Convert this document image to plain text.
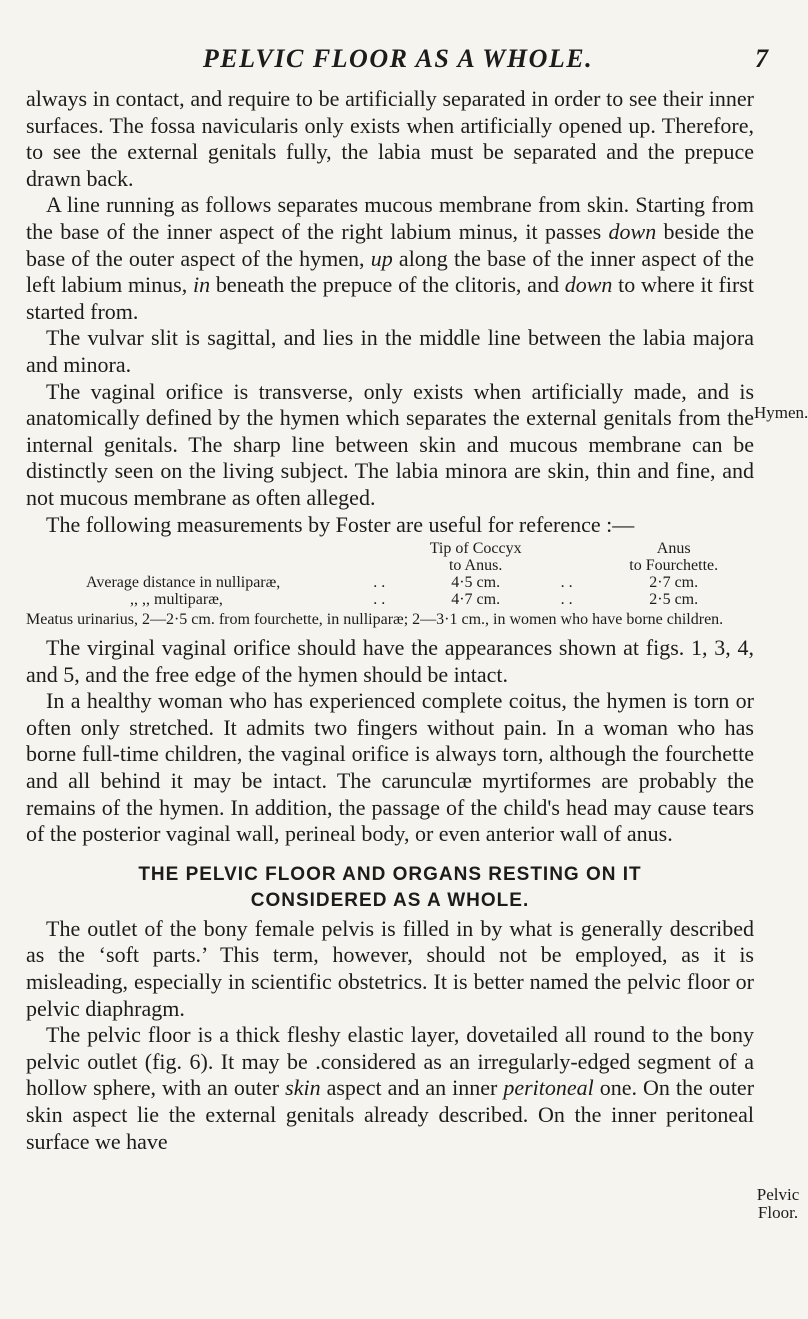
PELVIC FLOOR AS A WHOLE.	7

always in contact, and require to be artificially separated in order to see their inner surfaces. The fossa navicularis only exists when artificially opened up. Therefore, to see the external genitals fully, the labia must be separated and the prepuce drawn back.

A line running as follows separates mucous membrane from skin. Starting from the base of the inner aspect of the right labium minus, it passes down beside the base of the outer aspect of the hymen, up along the base of the inner aspect of the left labium minus, in beneath the prepuce of the clitoris, and down to where it first started from.

The vulvar slit is sagittal, and lies in the middle line between the labia majora and minora.

The vaginal orifice is transverse, only exists when artificially made, and is anatomically defined by the hymen which separates the external genitals from the internal genitals. The sharp line between skin and mucous membrane can be distinctly seen on the living subject. The labia minora are skin, thin and fine, and not mucous membrane as often alleged.

The following measurements by Foster are useful for reference :—

		Tip of Coccyx		Anus
		to Anus.		to Fourchette.
Average distance in nulliparæ,	. .	4·5 cm.	. .	2·7 cm.
,, ,, multiparæ,	. .	4·7 cm.	. .	2·5 cm.

Meatus urinarius, 2—2·5 cm. from fourchette, in nulliparæ; 2—3·1 cm., in women who have borne children.

The virginal vaginal orifice should have the appearances shown at figs. 1, 3, 4, and 5, and the free edge of the hymen should be intact.

In a healthy woman who has experienced complete coitus, the hymen is torn or often only stretched. It admits two fingers without pain. In a woman who has borne full-time children, the vaginal orifice is always torn, although the fourchette and all behind it may be intact. The carunculæ myrtiformes are probably the remains of the hymen. In addition, the passage of the child's head may cause tears of the posterior vaginal wall, perineal body, or even anterior wall of anus.

THE PELVIC FLOOR AND ORGANS RESTING ON IT
CONSIDERED AS A WHOLE.

The outlet of the bony female pelvis is filled in by what is generally described as the ‘soft parts.’ This term, however, should not be employed, as it is misleading, especially in scientific obstetrics. It is better named the pelvic floor or pelvic diaphragm.

The pelvic floor is a thick fleshy elastic layer, dovetailed all round to the bony pelvic outlet (fig. 6). It may be .considered as an irregularly-edged segment of a hollow sphere, with an outer skin aspect and an inner peritoneal one. On the outer skin aspect lie the external genitals already described. On the inner peritoneal surface we have

Hymen.
Pelvic
Floor.
